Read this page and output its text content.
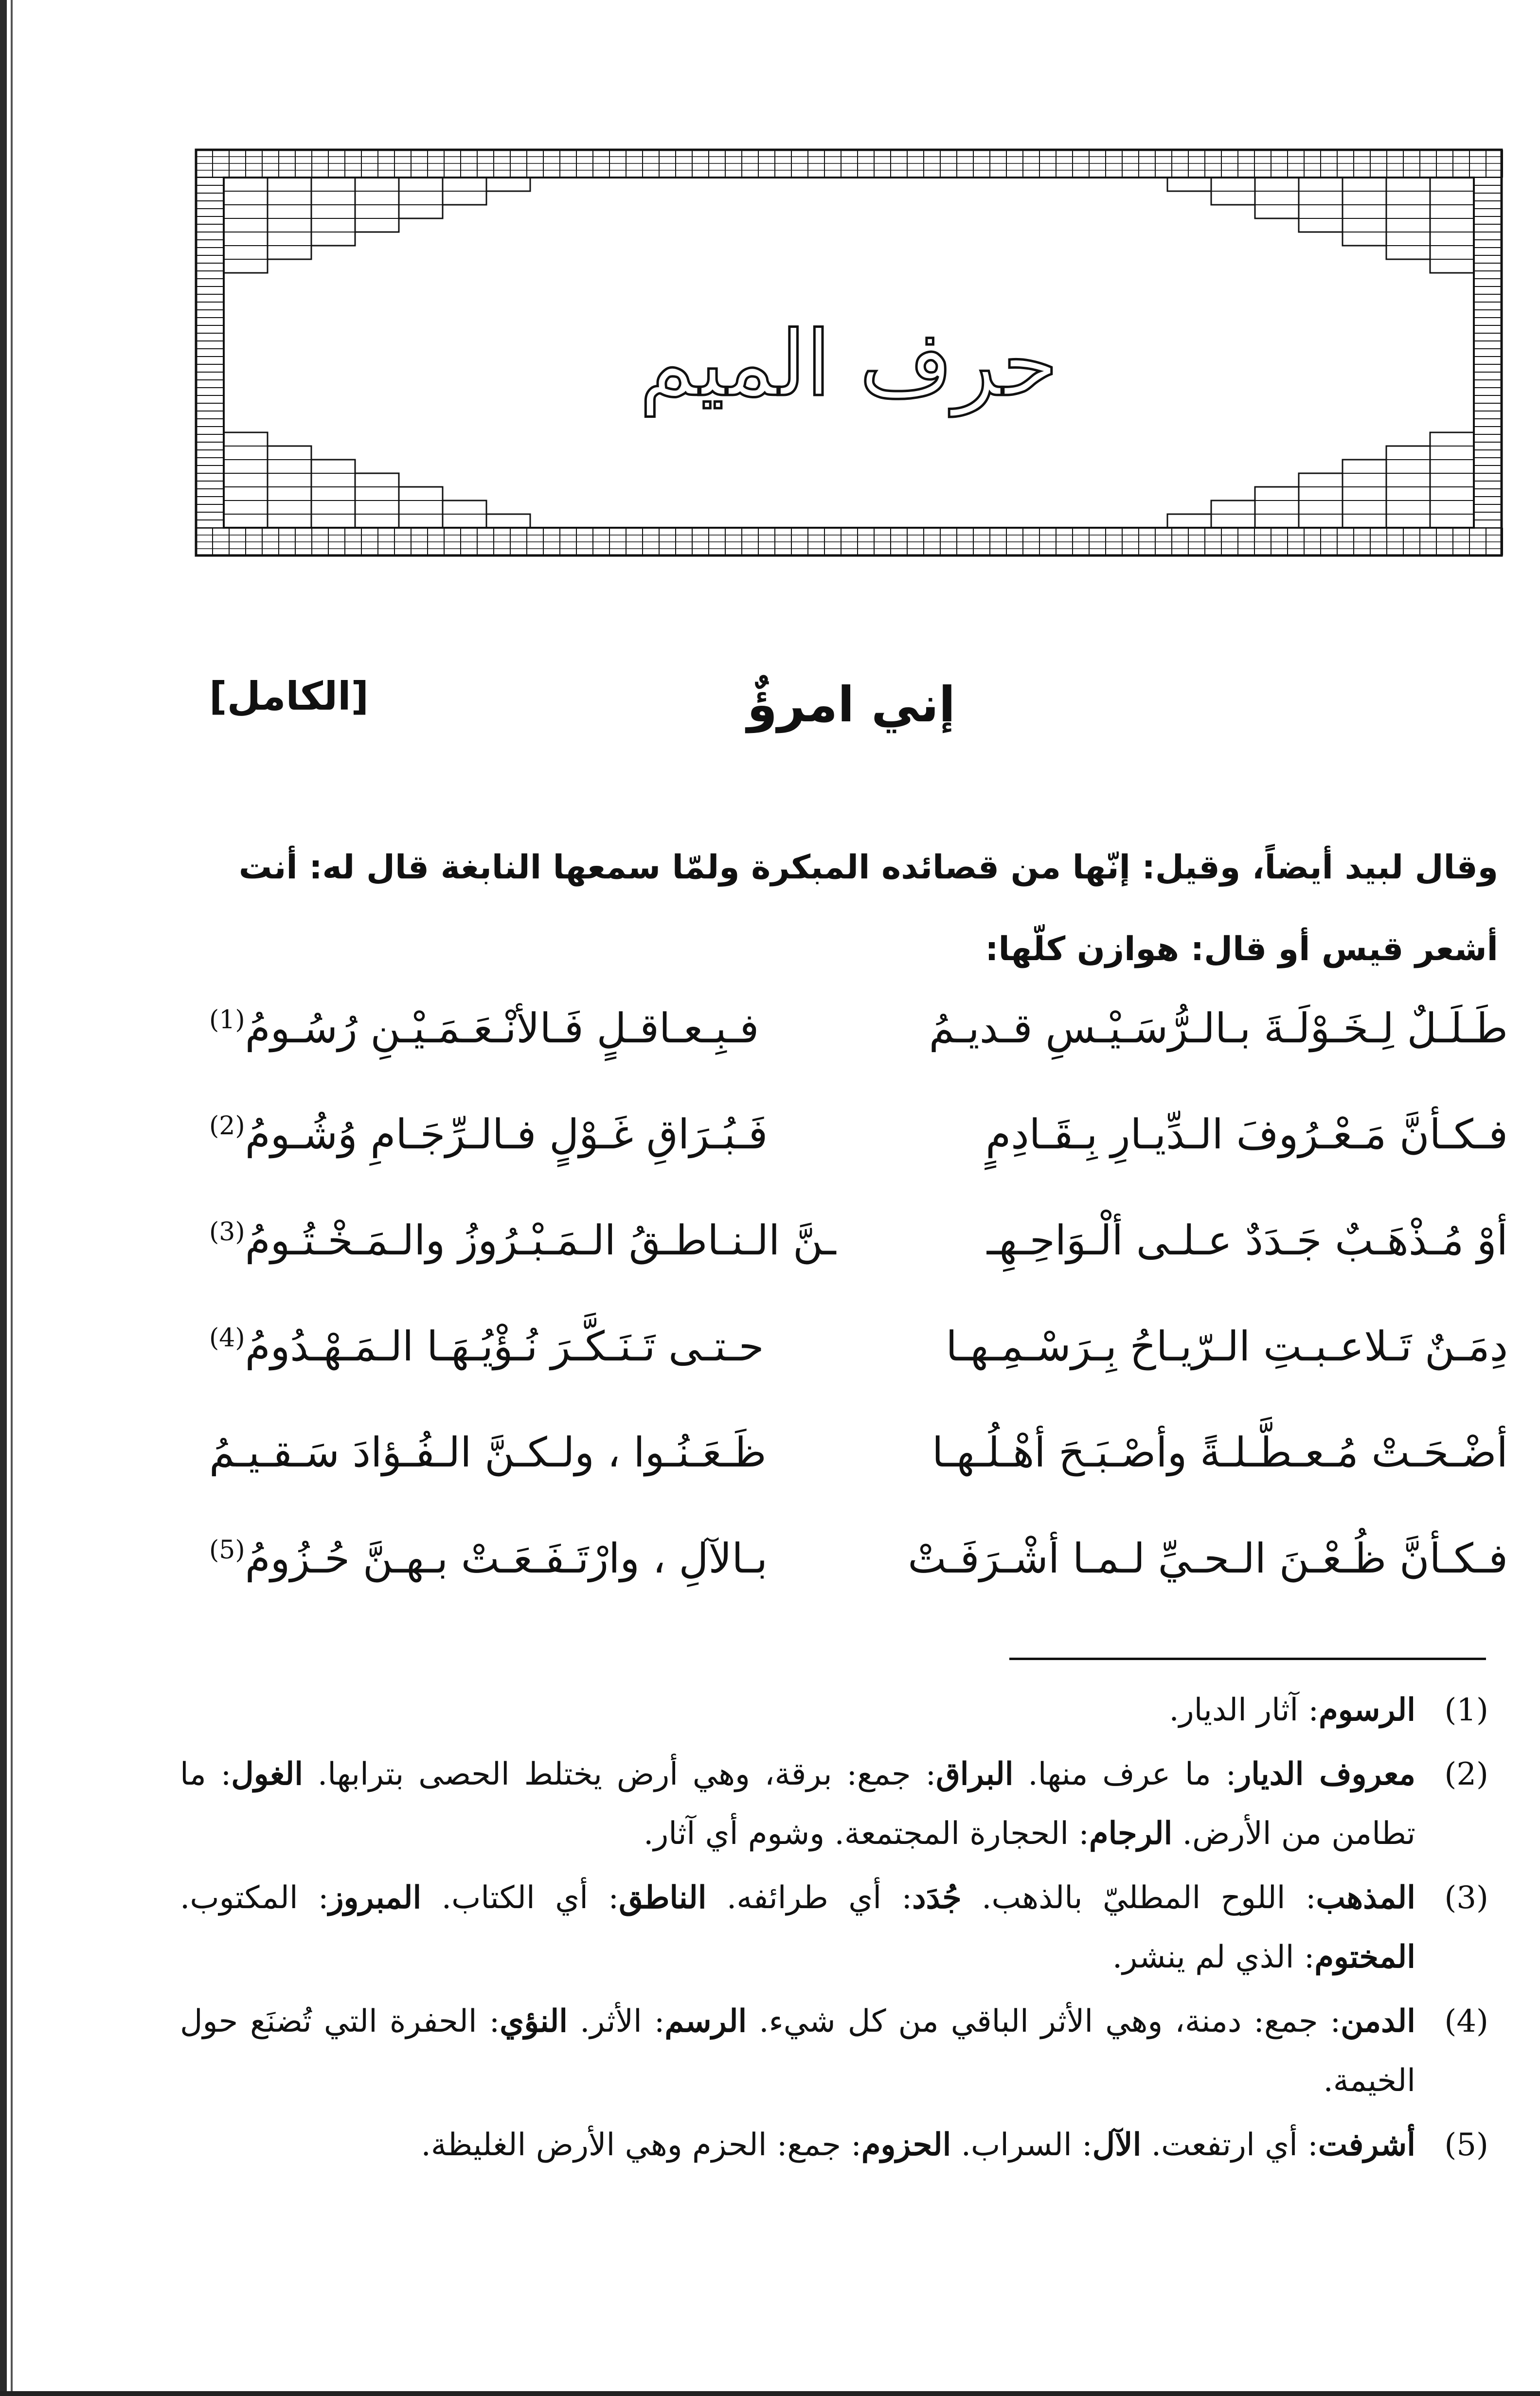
حرف الميم
إني امرؤٌ
[الكامل]

وقال لبيد أيضاً، وقيل: إنّها من قصائده المبكرة ولمّا سمعها النابغة قال له: أنت

أشعر قيس أو قال: هوازن كلّها:

طَـلَـلٌ لِـخَـوْلَـةَ بـالـرُّسَـيْـسِ قـديـمُ
فـبِـعـاقـلٍ فَـالأنْـعَـمَـيْـنِ رُسُـومُ$^{(1)}$
فـكـأنَّ مَـعْـرُوفَ الـدِّيـارِ بِـقَـادِمٍ
فَـبُـرَاقِ غَـوْلٍ فـالـرِّجَـامِ وُشُـومُ$^{(2)}$
أوْ مُـذْهَـبٌ جَـدَدٌ عـلـى ألْـوَاحِـهِـ
ـنَّ الـنـاطـقُ الـمَـبْـرُوزُ والـمَـخْـتُـومُ$^{(3)}$
دِمَـنٌ تَـلاعـبـتِ الـرّيـاحُ بِـرَسْـمِـهـا
حـتـى تَـنَـكَّـرَ نُـؤْيُـهَـا الـمَـهْـدُومُ$^{(4)}$
أضْـحَـتْ مُـعـطَّـلـةً وأصْـبَـحَ أهْـلُـهـا
ظَـعَـنُـوا ، ولـكـنَّ الـفُـؤادَ سَـقـيـمُ
فـكـأنَّ ظُـعْـنَ الـحـيِّ لـمـا أشْـرَفَـتْ
بـالآلِ ، وارْتَـفَـعَـتْ بـهـنَّ حُـزُومُ$^{(5)}$
(1)
الرسوم: آثار الديار.
(2)
معروف الديار: ما عرف منها. البراق: جمع: برقة، وهي أرض يختلط الحصى بترابها. الغول: ما تطامن من الأرض. الرجام: الحجارة المجتمعة. وشوم أي آثار.
(3)
المذهب: اللوح المطليّ بالذهب. جُدَد: أي طرائفه. الناطق: أي الكتاب. المبروز: المكتوب. المختوم: الذي لم ينشر.
(4)
الدمن: جمع: دمنة، وهي الأثر الباقي من كل شيء. الرسم: الأثر. النؤي: الحفرة التي تُضنَع حول الخيمة.
(5)
أشرفت: أي ارتفعت. الآل: السراب. الحزوم: جمع: الحزم وهي الأرض الغليظة.
